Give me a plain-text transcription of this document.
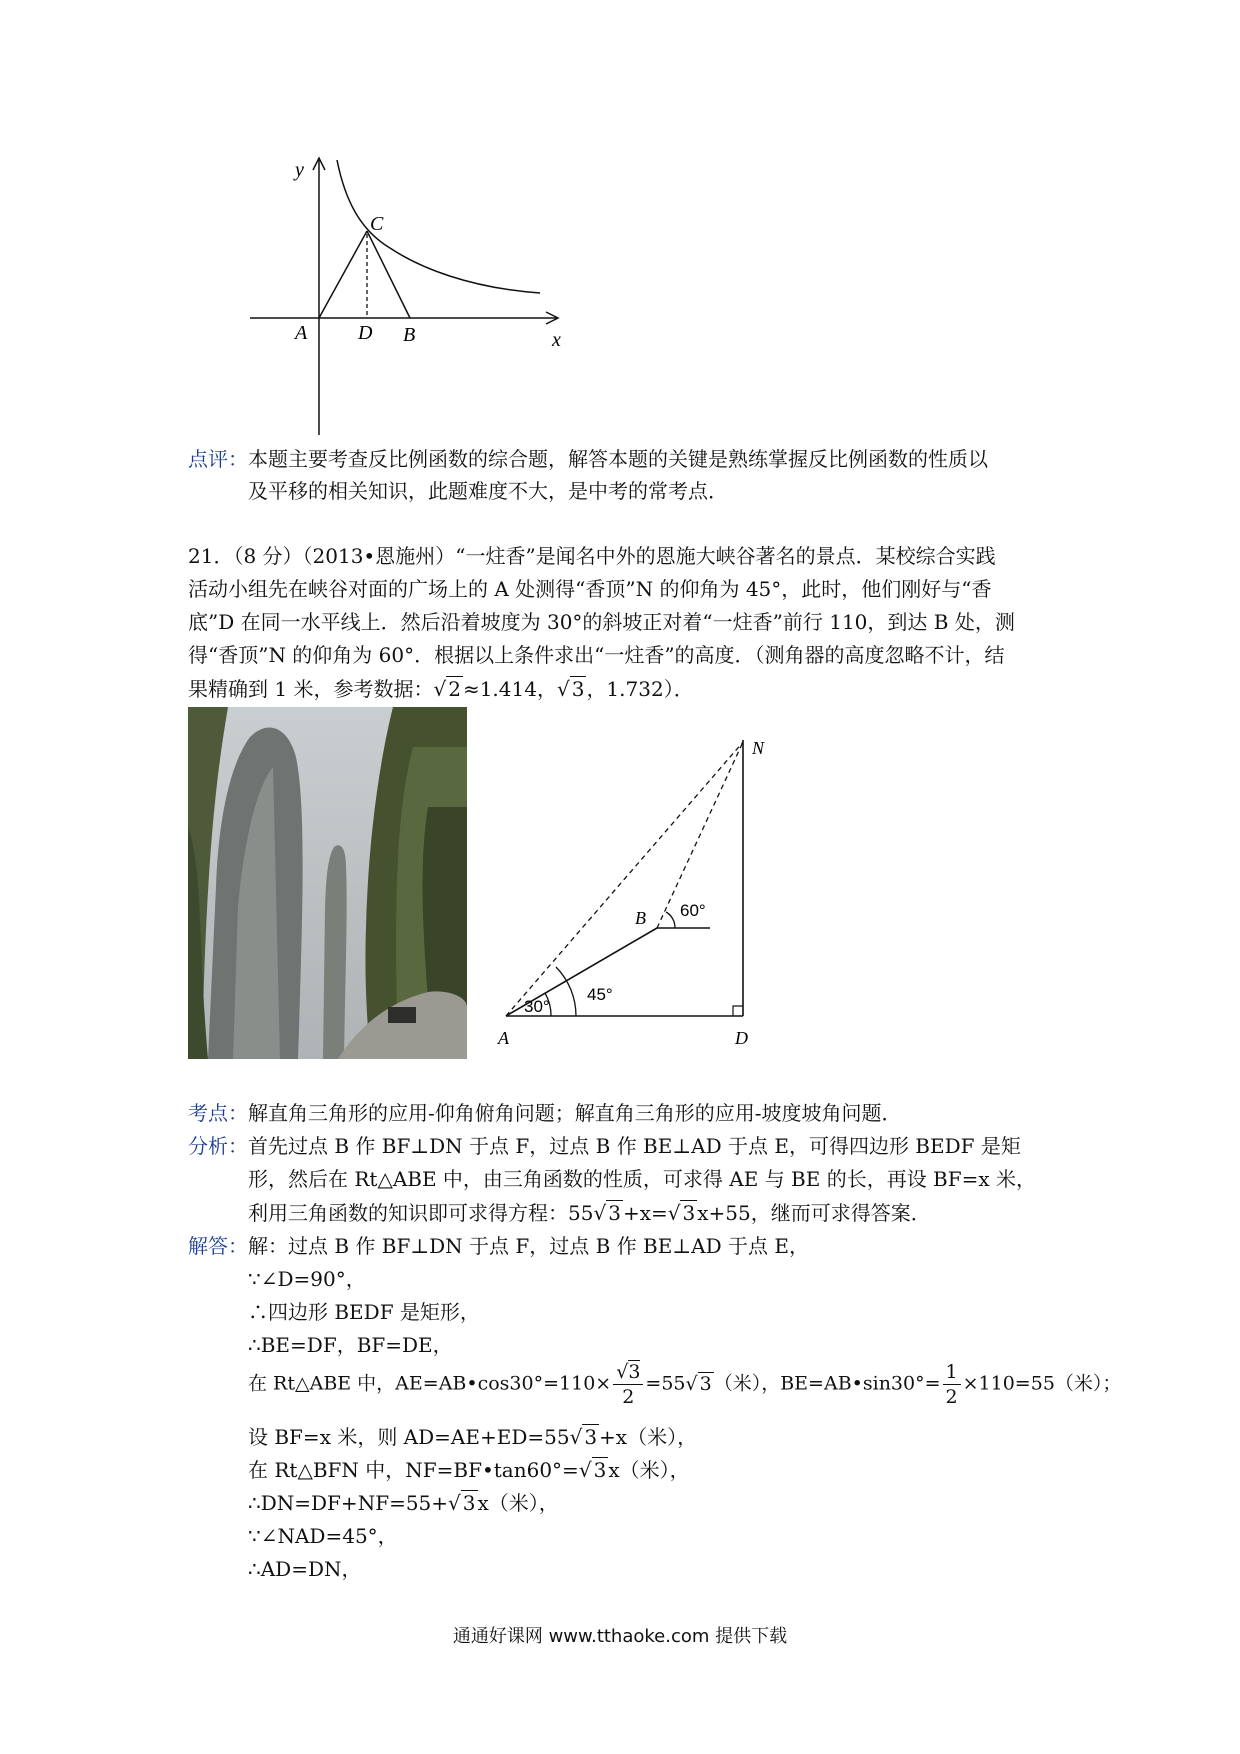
y
x
C
A	D B
点评：本题主要考查反比例函数的综合题，解答本题的关键是熟练掌握反比例函数的性质以
及平移的相关知识，此题难度不大，是中考的常考点．
21．（8 分）（2013•恩施州）“一炷香”是闻名中外的恩施大峡谷著名的景点．某校综合实践
活动小组先在峡谷对面的广场上的 A 处测得“香顶”N 的仰角为 45°，此时，他们刚好与“香
底”D 在同一水平线上．然后沿着坡度为 30°的斜坡正对着“一炷香”前行 110，到达 B 处，测
得“香顶”N 的仰角为 60°．根据以上条件求出“一炷香”的高度．（测角器的高度忽略不计，结
果精确到 1 米，参考数据：√ 2 ≈1.414，√ 3 ，1.732）．
N
B
A	D
60°
30°
45°
考点：解直角三角形的应用-仰角俯角问题；解直角三角形的应用-坡度坡角问题．
分析：首先过点 B 作 BF⊥DN 于点 F，过点 B 作 BE⊥AD 于点 E，可得四边形 BEDF 是矩
形，然后在 Rt△ABE 中，由三角函数的性质，可求得 AE 与 BE 的长，再设 BF=x 米，
利用三角函数的知识即可求得方程：55√ 3 +x=√ 3 x+55，继而可求得答案．
解答：解：过点 B 作 BF⊥DN 于点 F，过点 B 作 BE⊥AD 于点 E，
∵∠D=90°，
∴四边形 BEDF 是矩形，
∴BE=DF，BF=DE，
在 Rt△ABE 中，AE=AB•cos30°=110× $\frac{√3}{2} =55√$ 3 （米），BE=AB•sin30°= $\frac{1}{2} \times 110=55$（米）；
设 BF=x 米，则 AD=AE+ED=55√ 3 +x（米），
在 Rt△BFN 中，NF=BF•tan60°=√ 3 x（米），
∴DN=DF+NF=55+√ 3 x（米），
∵∠NAD=45°，
∴AD=DN，
通通好课网 www.tthaoke.com 提供下载
